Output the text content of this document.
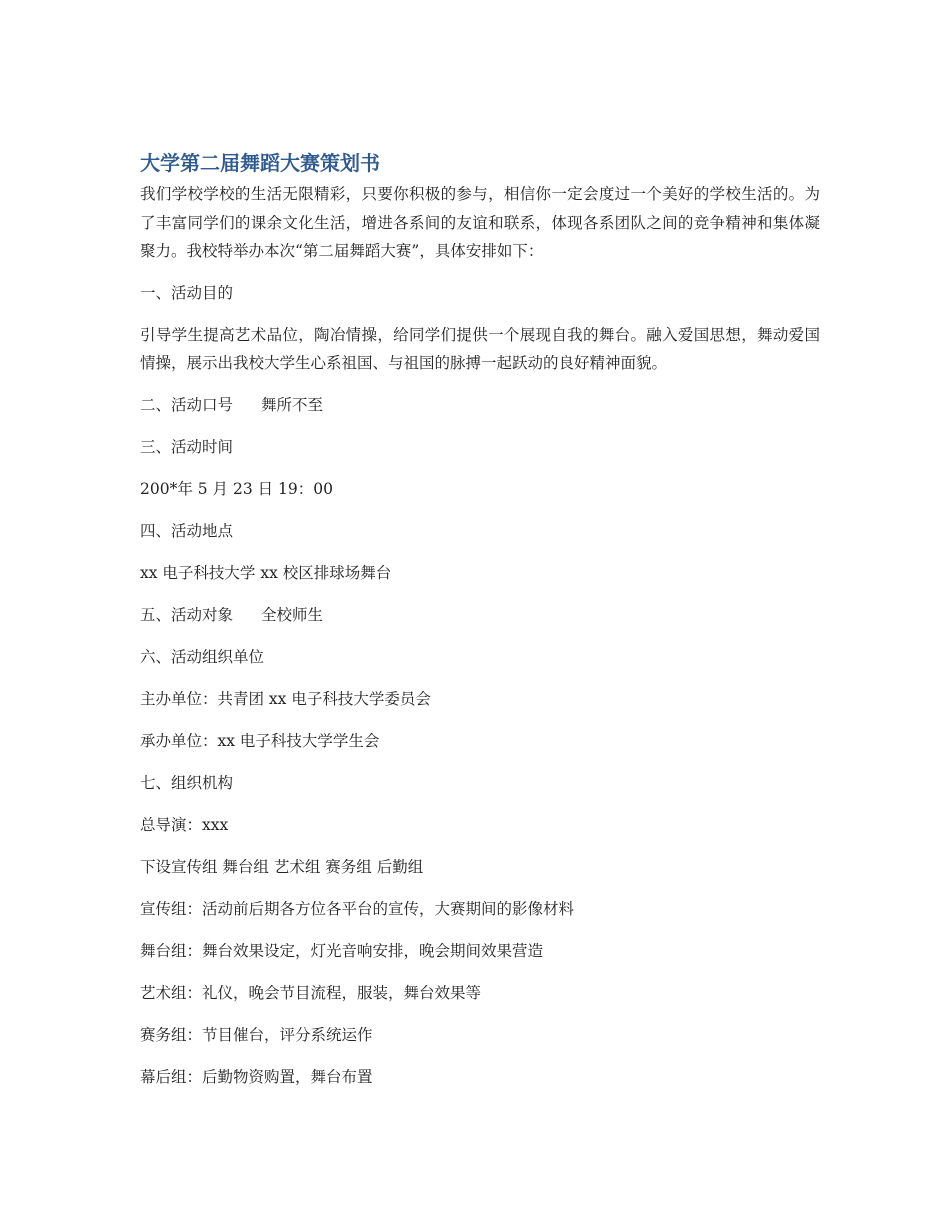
大学第二届舞蹈大赛策划书

我们学校学校的生活无限精彩，只要你积极的参与，相信你一定会度过一个美好的学校生活的。为了丰富同学们的课余文化生活，增进各系间的友谊和联系，体现各系团队之间的竞争精神和集体凝聚力。我校特举办本次“第二届舞蹈大赛”，具体安排如下：

一、活动目的

引导学生提高艺术品位，陶冶情操，给同学们提供一个展现自我的舞台。融入爱国思想，舞动爱国情操，展示出我校大学生心系祖国、与祖国的脉搏一起跃动的良好精神面貌。

二、活动口号 舞所不至

三、活动时间

200*年 5 月 23 日 19：00

四、活动地点

xx 电子科技大学 xx 校区排球场舞台

五、活动对象 全校师生

六、活动组织单位

主办单位：共青团 xx 电子科技大学委员会

承办单位：xx 电子科技大学学生会

七、组织机构

总导演：xxx

下设宣传组 舞台组 艺术组 赛务组 后勤组

宣传组：活动前后期各方位各平台的宣传，大赛期间的影像材料

舞台组：舞台效果设定，灯光音响安排，晚会期间效果营造

艺术组：礼仪，晚会节目流程，服装，舞台效果等

赛务组：节目催台，评分系统运作

幕后组：后勤物资购置，舞台布置
